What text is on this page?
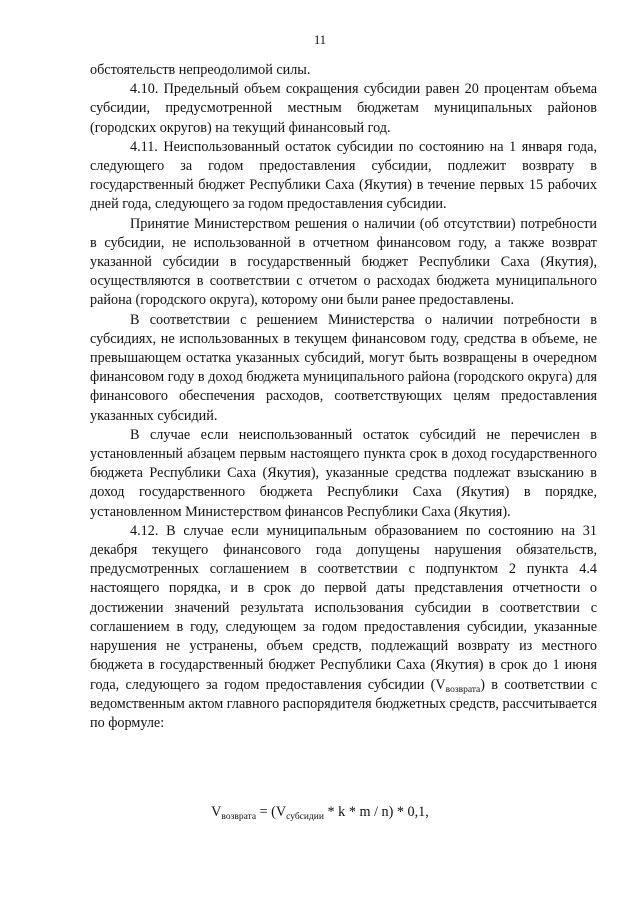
11

обстоятельств непреодолимой силы.

4.10. Предельный объем сокращения субсидии равен 20 процентам объема субсидии, предусмотренной местным бюджетам муниципальных районов (городских округов) на текущий финансовый год.

4.11. Неиспользованный остаток субсидии по состоянию на 1 января года, следующего за годом предоставления субсидии, подлежит возврату в государственный бюджет Республики Саха (Якутия) в течение первых 15 рабочих дней года, следующего за годом предоставления субсидии.

Принятие Министерством решения о наличии (об отсутствии) потребности в субсидии, не использованной в отчетном финансовом году, а также возврат указанной субсидии в государственный бюджет Республики Саха (Якутия), осуществляются в соответствии с отчетом о расходах бюджета муниципального района (городского округа), которому они были ранее предоставлены.

В соответствии с решением Министерства о наличии потребности в субсидиях, не использованных в текущем финансовом году, средства в объеме, не превышающем остатка указанных субсидий, могут быть возвращены в очередном финансовом году в доход бюджета муниципального района (городского округа) для финансового обеспечения расходов, соответствующих целям предоставления указанных субсидий.

В случае если неиспользованный остаток субсидий не перечислен в установленный абзацем первым настоящего пункта срок в доход государственного бюджета Республики Саха (Якутия), указанные средства подлежат взысканию в доход государственного бюджета Республики Саха (Якутия) в порядке, установленном Министерством финансов Республики Саха (Якутия).

4.12. В случае если муниципальным образованием по состоянию на 31 декабря текущего финансового года допущены нарушения обязательств, предусмотренных соглашением в соответствии с подпунктом 2 пункта 4.4 настоящего порядка, и в срок до первой даты представления отчетности о достижении значений результата использования субсидии в соответствии с соглашением в году, следующем за годом предоставления субсидии, указанные нарушения не устранены, объем средств, подлежащий возврату из местного бюджета в государственный бюджет Республики Саха (Якутия) в срок до 1 июня года, следующего за годом предоставления субсидии $(V_{возврата})$ в соответствии с ведомственным актом главного распорядителя бюджетных средств, рассчитывается по формуле:

$V_{возврата} = (V_{субсидии} * k * m / n) * 0,1$,
